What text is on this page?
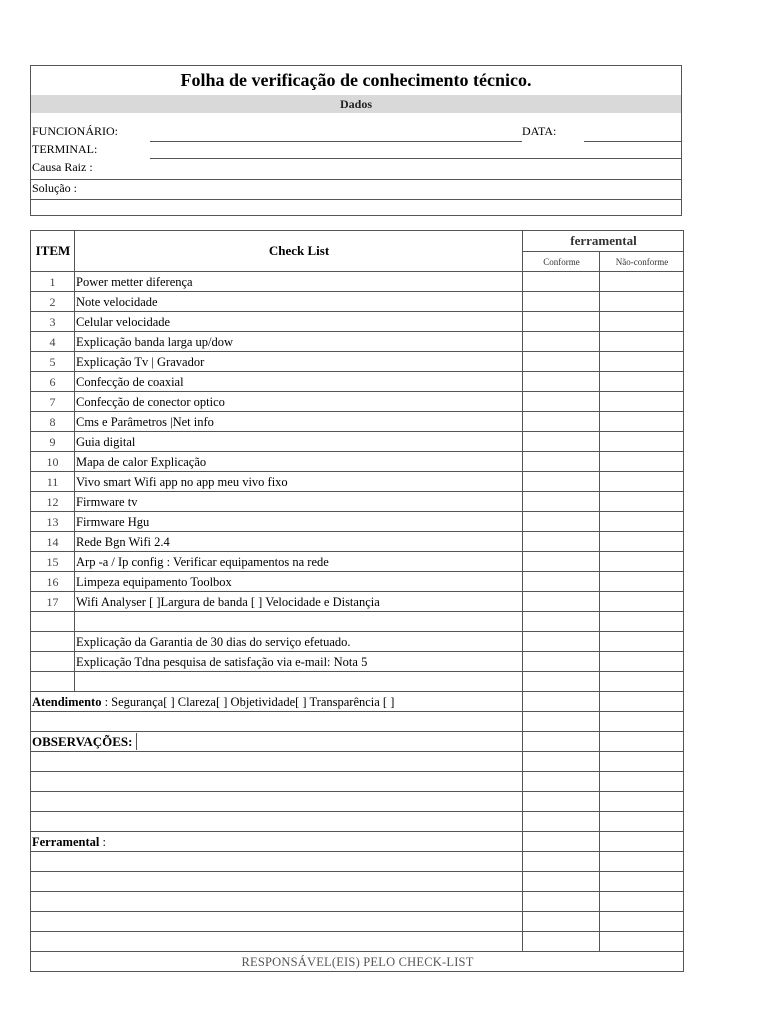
Folha de verificação de conhecimento técnico.
Dados
FUNCIONÁRIO:	DATA:
TERMINAL:
Causa Raiz :
Solução :
ITEM	Check List	ferramental	
		Conforme	Não-conforme
1	Power metter diferença		
2	Note velocidade		
3	Celular velocidade		
4	Explicação banda larga up/dow		
5	Explicação Tv | Gravador		
6	Confecção de coaxial		
7	Confecção de conector optico		
8	Cms e Parâmetros |Net info		
9	Guia digital		
10	Mapa de calor Explicação		
11	Vivo smart Wifi app no app meu vivo fixo		
12	Firmware tv		
13	Firmware Hgu		
14	Rede Bgn Wifi 2.4		
15	Arp -a / Ip config : Verificar equipamentos na rede		
16	Limpeza equipamento Toolbox		
17	Wifi Analyser [ ]Largura de banda [ ] Velocidade e Distançia		

	Explicação da Garantia de 30 dias do serviço efetuado.		
	Explicação Tdna pesquisa de satisfação via e-mail: Nota 5		

Atendimento : Segurança[ ] Clareza[ ] Objetividade[ ] Transparência [ ]			

OBSERVAÇÕES:			

Ferramental :			

RESPONSÁVEL(EIS) PELO CHECK-LIST			
